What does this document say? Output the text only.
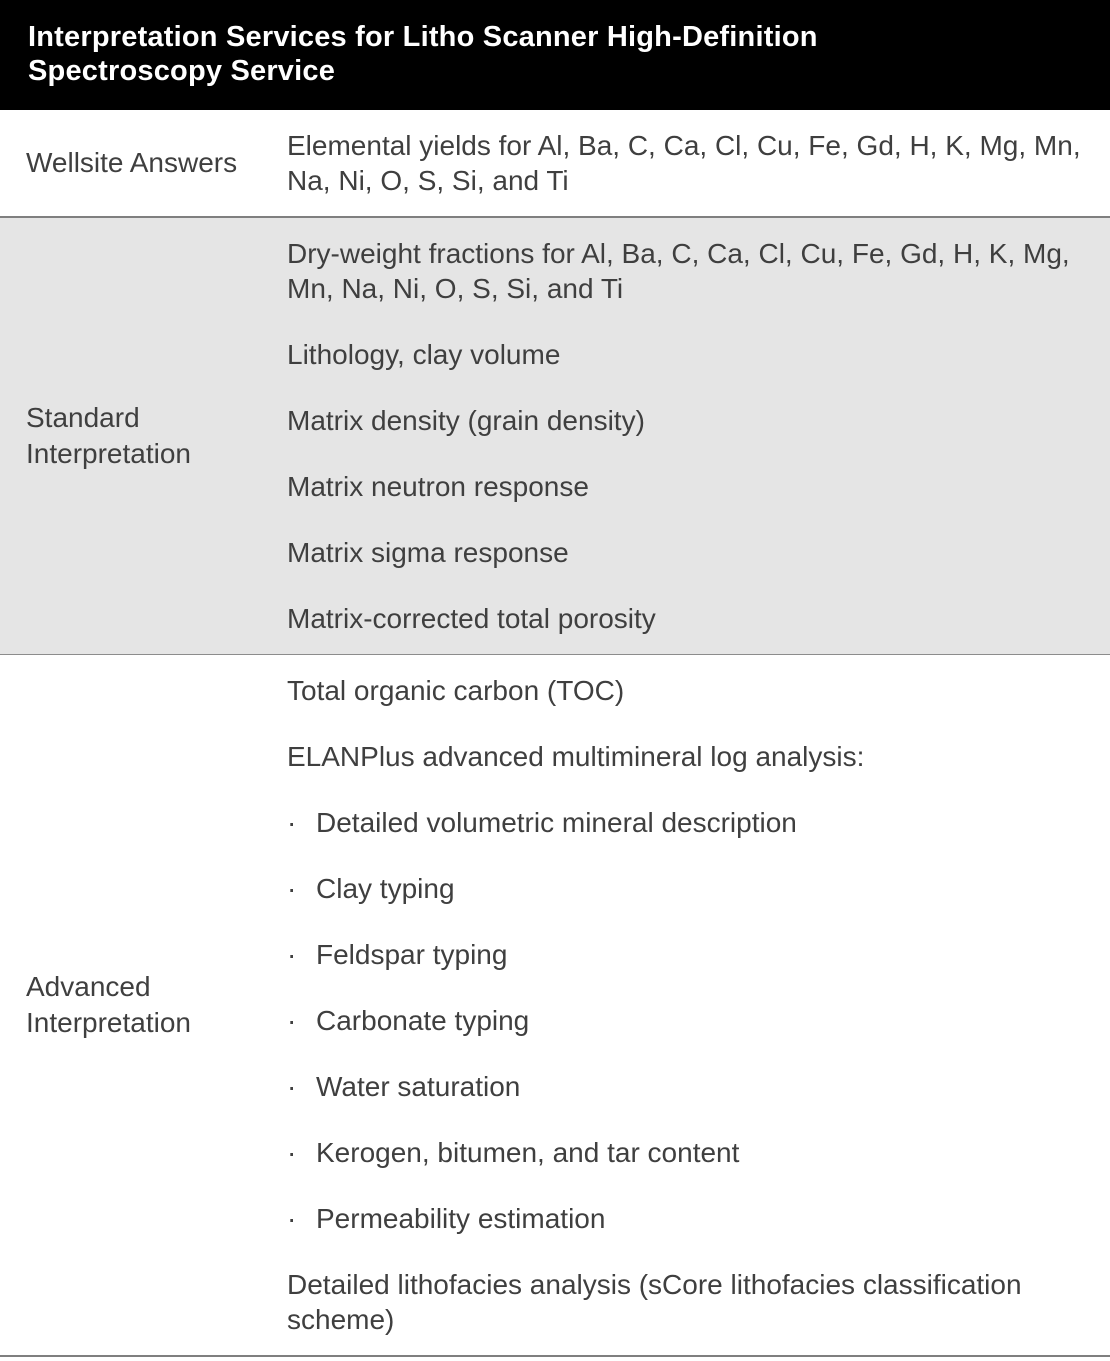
Interpretation Services for Litho Scanner High-Definition Spectroscopy Service
Wellsite Answers
Elemental yields for Al, Ba, C, Ca, Cl, Cu, Fe, Gd, H, K, Mg, Mn, Na, Ni, O, S, Si, and Ti
Standard Interpretation
Dry-weight fractions for Al, Ba, C, Ca, Cl, Cu, Fe, Gd, H, K, Mg, Mn, Na, Ni, O, S, Si, and Ti
Lithology, clay volume
Matrix density (grain density)
Matrix neutron response
Matrix sigma response
Matrix-corrected total porosity
Advanced Interpretation
Total organic carbon (TOC)
ELANPlus advanced multimineral log analysis:
· Detailed volumetric mineral description
· Clay typing
· Feldspar typing
· Carbonate typing
· Water saturation
· Kerogen, bitumen, and tar content
· Permeability estimation
Detailed lithofacies analysis (sCore lithofacies classification scheme)
